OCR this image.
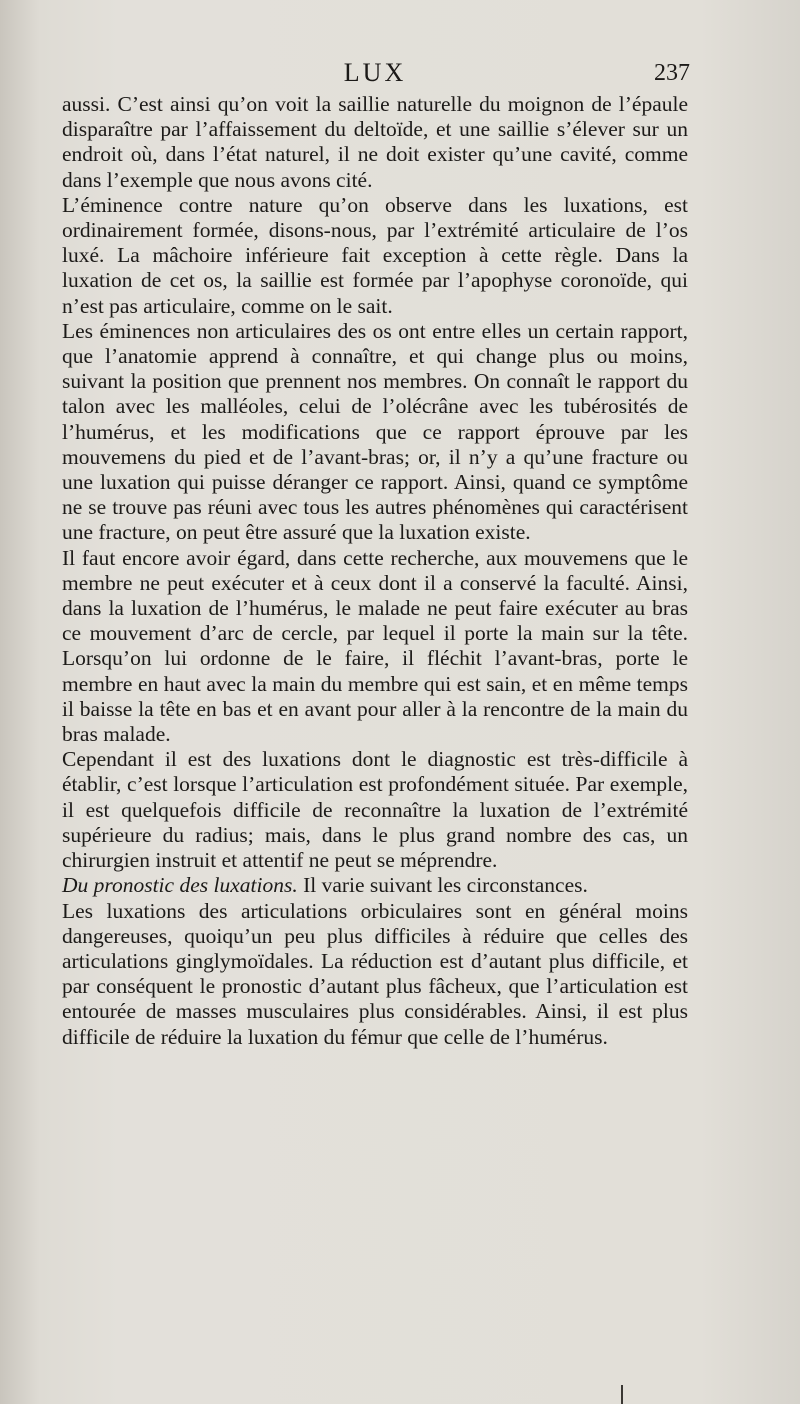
LUX	237

aussi. C’est ainsi qu’on voit la saillie naturelle du moignon de l’épaule disparaître par l’affaissement du deltoïde, et une saillie s’élever sur un endroit où, dans l’état naturel, il ne doit exister qu’une cavité, comme dans l’exemple que nous avons cité.

L’éminence contre nature qu’on observe dans les luxations, est ordinairement formée, disons-nous, par l’extrémité articulaire de l’os luxé. La mâchoire inférieure fait exception à cette règle. Dans la luxation de cet os, la saillie est formée par l’apophyse coronoïde, qui n’est pas articulaire, comme on le sait.

Les éminences non articulaires des os ont entre elles un certain rapport, que l’anatomie apprend à connaître, et qui change plus ou moins, suivant la position que prennent nos membres. On connaît le rapport du talon avec les malléoles, celui de l’olécrâne avec les tubérosités de l’humérus, et les modifications que ce rapport éprouve par les mouvemens du pied et de l’avant-bras; or, il n’y a qu’une fracture ou une luxation qui puisse déranger ce rapport. Ainsi, quand ce symptôme ne se trouve pas réuni avec tous les autres phénomènes qui caractérisent une fracture, on peut être assuré que la luxation existe.

Il faut encore avoir égard, dans cette recherche, aux mouvemens que le membre ne peut exécuter et à ceux dont il a conservé la faculté. Ainsi, dans la luxation de l’humérus, le malade ne peut faire exécuter au bras ce mouvement d’arc de cercle, par lequel il porte la main sur la tête. Lorsqu’on lui ordonne de le faire, il fléchit l’avant-bras, porte le membre en haut avec la main du membre qui est sain, et en même temps il baisse la tête en bas et en avant pour aller à la rencontre de la main du bras malade.

Cependant il est des luxations dont le diagnostic est très-difficile à établir, c’est lorsque l’articulation est profondément située. Par exemple, il est quelquefois difficile de reconnaître la luxation de l’extrémité supérieure du radius; mais, dans le plus grand nombre des cas, un chirurgien instruit et attentif ne peut se méprendre.

Du pronostic des luxations. Il varie suivant les circonstances.

Les luxations des articulations orbiculaires sont en général moins dangereuses, quoiqu’un peu plus difficiles à réduire que celles des articulations ginglymoïdales. La réduction est d’autant plus difficile, et par conséquent le pronostic d’autant plus fâcheux, que l’articulation est entourée de masses musculaires plus considérables. Ainsi, il est plus difficile de réduire la luxation du fémur que celle de l’humérus.
